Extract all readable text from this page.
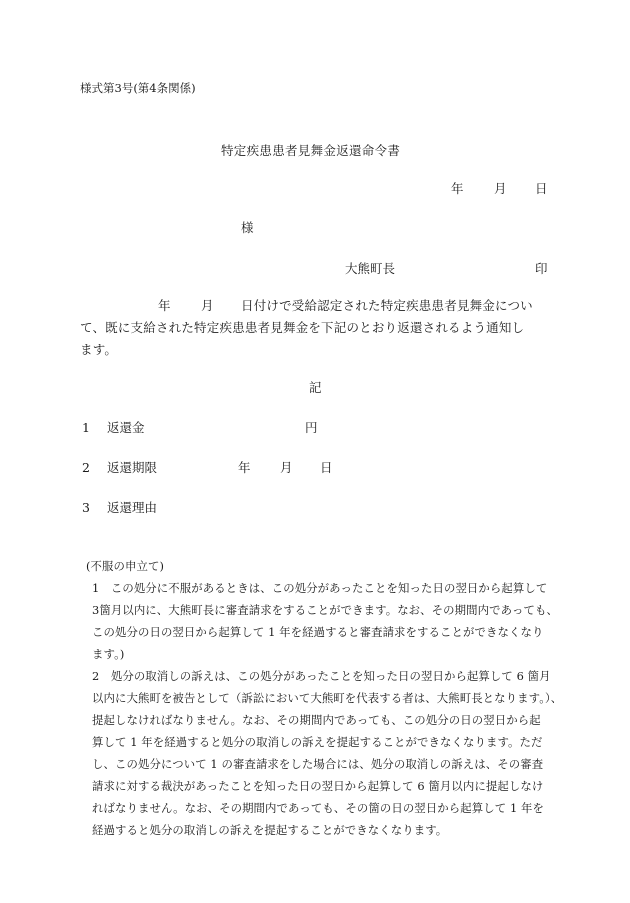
様式第3号(第4条関係)
特定疾患患者見舞金返還命令書
年 月 日
様
大熊町長	印
年 月 日付けで受給認定された特定疾患患者見舞金につい
て、既に支給された特定疾患患者見舞金を下記のとおり返還されるよう通知し
ます。
記
1 返還金	円
2 返還期限	年 月 日
3 返還理由
(不服の申立て)
1　この処分に不服があるときは、この処分があったことを知った日の翌日から起算して
3箇月以内に、大熊町長に審査請求をすることができます。なお、その期間内であっても、
この処分の日の翌日から起算して 1 年を経過すると審査請求をすることができなくなり
ます。)
2　処分の取消しの訴えは、この処分があったことを知った日の翌日から起算して 6 箇月
以内に大熊町を被告として（訴訟において大熊町を代表する者は、大熊町長となります。）、
提起しなければなりません。なお、その期間内であっても、この処分の日の翌日から起
算して 1 年を経過すると処分の取消しの訴えを提起することができなくなります。ただ
し、この処分について 1 の審査請求をした場合には、処分の取消しの訴えは、その審査
請求に対する裁決があったことを知った日の翌日から起算して 6 箇月以内に提起しなけ
ればなりません。なお、その期間内であっても、その箇の日の翌日から起算して 1 年を
経過すると処分の取消しの訴えを提起することができなくなります。
